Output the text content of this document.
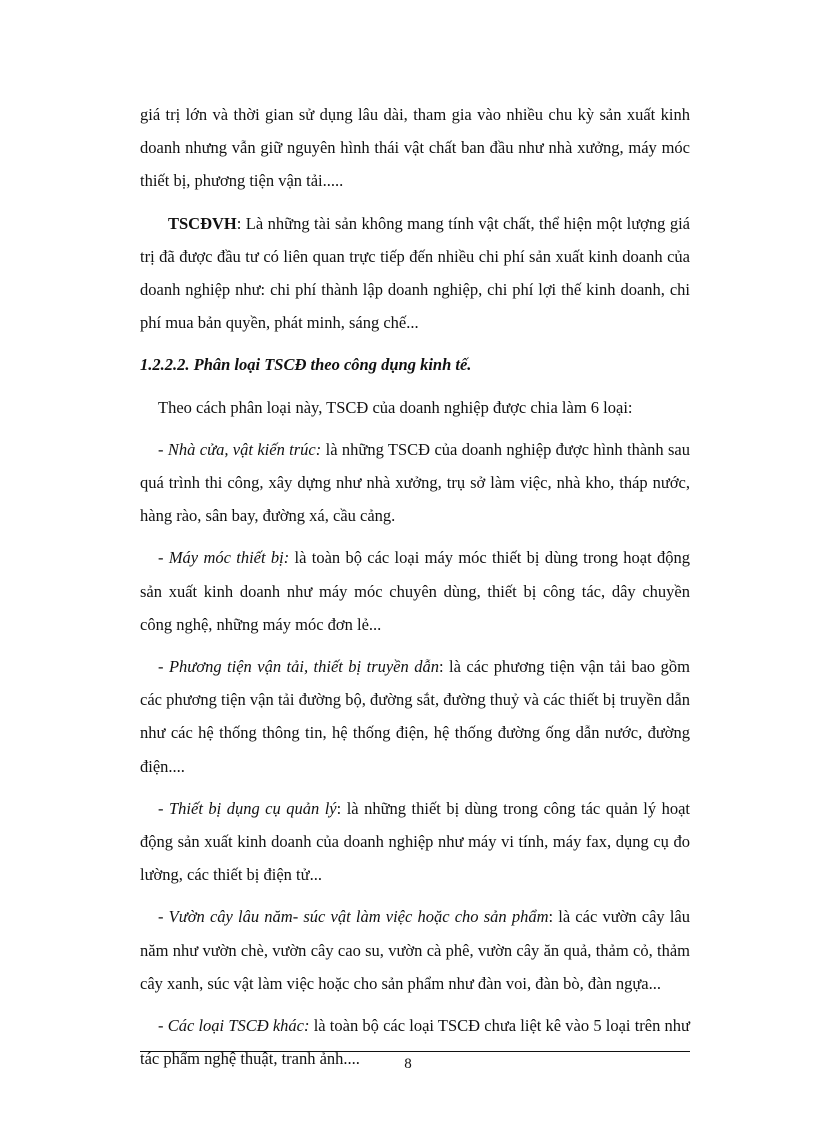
giá trị lớn và thời gian sử dụng lâu dài, tham gia vào nhiều chu kỳ sản xuất kinh doanh nhưng vẫn giữ nguyên hình thái vật chất ban đầu như nhà xưởng, máy móc thiết bị, phương tiện vận tải.....

TSCĐVH: Là những tài sản không mang tính vật chất, thể hiện một lượng giá trị đã được đầu tư có liên quan trực tiếp đến nhiều chi phí sản xuất kinh doanh của doanh nghiệp như: chi phí thành lập doanh nghiệp, chi phí lợi thế kinh doanh, chi phí mua bản quyền, phát minh, sáng chế...

1.2.2.2. Phân loại TSCĐ theo công dụng kinh tế.

Theo cách phân loại này, TSCĐ của doanh nghiệp được chia làm 6 loại:

- Nhà cửa, vật kiến trúc: là những TSCĐ của doanh nghiệp được hình thành sau quá trình thi công, xây dựng như nhà xưởng, trụ sở làm việc, nhà kho, tháp nước, hàng rào, sân bay, đường xá, cầu cảng.

- Máy móc thiết bị: là toàn bộ các loại máy móc thiết bị dùng trong hoạt động sản xuất kinh doanh như máy móc chuyên dùng, thiết bị công tác, dây chuyền công nghệ, những máy móc đơn lẻ...

- Phương tiện vận tải, thiết bị truyền dẫn: là các phương tiện vận tải bao gồm các phương tiện vận tải đường bộ, đường sắt, đường thuỷ và các thiết bị truyền dẫn như các hệ thống thông tin, hệ thống điện, hệ thống đường ống dẫn nước, đường điện....

- Thiết bị dụng cụ quản lý: là những thiết bị dùng trong công tác quản lý hoạt động sản xuất kinh doanh của doanh nghiệp như máy vi tính, máy fax, dụng cụ đo lường, các thiết bị điện tử...

- Vườn cây lâu năm- súc vật làm việc hoặc cho sản phẩm: là các vườn cây lâu năm như vườn chè, vườn cây cao su, vườn cà phê, vườn cây ăn quả, thảm cỏ, thảm cây xanh, súc vật làm việc hoặc cho sản phẩm như đàn voi, đàn bò, đàn ngựa...

- Các loại TSCĐ khác: là toàn bộ các loại TSCĐ chưa liệt kê vào 5 loại trên như tác phẩm nghệ thuật, tranh ảnh....	8
